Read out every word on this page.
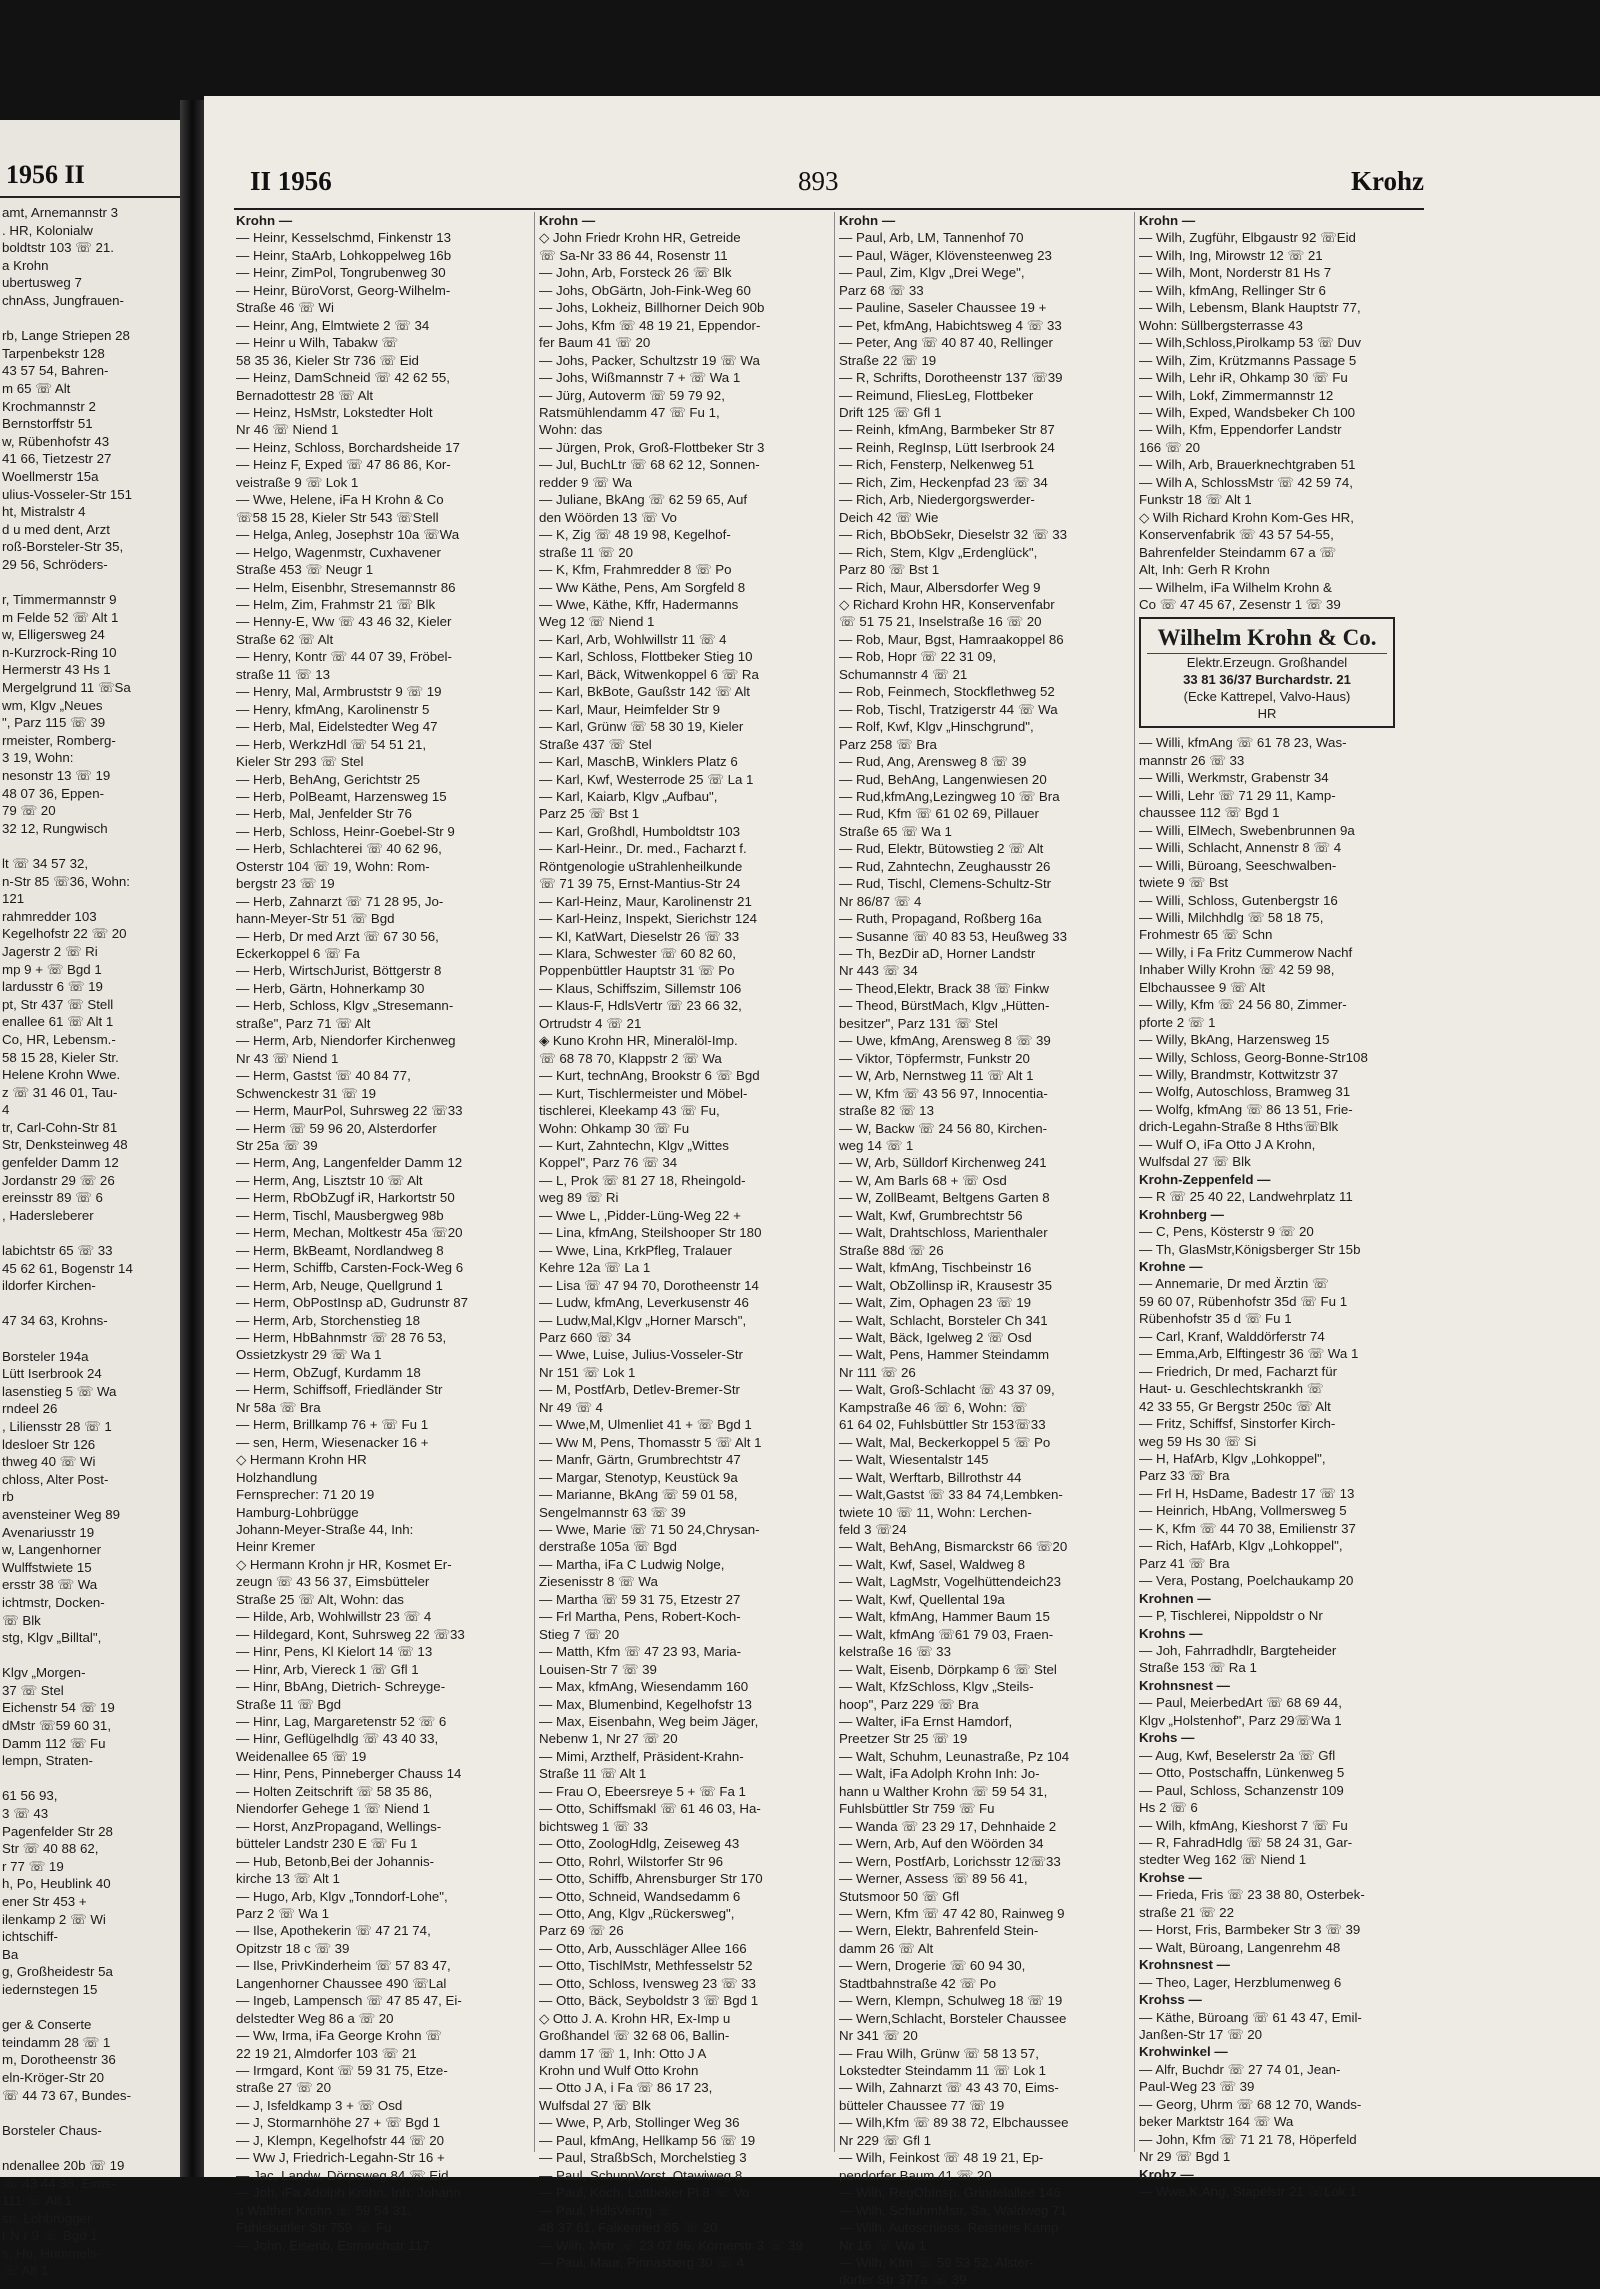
1956 II
amt, Arnemannstr 3
. HR, Kolonialw
boldtstr 103 ☏ 21.
a Krohn
ubertusweg 7
chnAss, Jungfrauen-

rb, Lange Striepen 28
Tarpenbekstr 128
43 57 54, Bahren-
m 65 ☏ Alt
Krochmannstr 2
Bernstorffstr 51
w, Rübenhofstr 43
41 66, Tietzestr 27
Woellmerstr 15a
ulius-Vosseler-Str 151
ht, Mistralstr 4
d u med dent, Arzt
roß-Borsteler-Str 35,
29 56, Schröders-

r, Timmermannstr 9
m Felde 52 ☏ Alt 1
w, Elligersweg 24
n-Kurzrock-Ring 10
Hermerstr 43 Hs 1
Mergelgrund 11 ☏Sa
wm, Klgv „Neues
", Parz 115 ☏ 39
rmeister, Romberg-
3 19, Wohn:
nesonstr 13 ☏ 19
48 07 36, Eppen-
79 ☏ 20
32 12, Rungwisch

lt ☏ 34 57 32,
n-Str 85 ☏36, Wohn:
121
rahmredder 103
Kegelhofstr 22 ☏ 20
Jagerstr 2 ☏ Ri
mp 9 + ☏ Bgd 1
lardusstr 6 ☏ 19
pt, Str 437 ☏ Stell
enallee 61 ☏ Alt 1
Co, HR, Lebensm.-
58 15 28, Kieler Str.
Helene Krohn Wwe.
z ☏ 31 46 01, Tau-
4
tr, Carl-Cohn-Str 81
Str, Denksteinweg 48
genfelder Damm 12
Jordanstr 29 ☏ 26
ereinsstr 89 ☏ 6
, Hadersleberer

labichtstr 65 ☏ 33
45 62 61, Bogenstr 14
ildorfer Kirchen-

47 34 63, Krohns-

Borsteler 194a
Lütt Iserbrook 24
lasenstieg 5 ☏ Wa
rndeel 26
, Liliensstr 28 ☏ 1
ldesloer Str 126
thweg 40 ☏ Wi
chloss, Alter Post-
rb
avensteiner Weg 89
Avenariusstr 19
w, Langenhorner
Wulffstwiete 15
ersstr 38 ☏ Wa
ichtmstr, Docken-
☏ Blk
stg, Klgv „Billtal",

Klgv „Morgen-
37 ☏ Stel
Eichenstr 54 ☏ 19
dMstr ☏59 60 31,
Damm 112 ☏ Fu
lempn, Straten-

61 56 93,
3 ☏ 43
Pagenfelder Str 28
Str ☏ 40 88 62,
r 77 ☏ 19
h, Po, Heublink 40
ener Str 453 +
ilenkamp 2 ☏ Wi
ichtschiff-
Ba
g, Großheidestr 5a
iedernstegen 15

ger & Conserte
teindamm 28 ☏ 1
m, Dorotheenstr 36
eln-Kröger-Str 20
☏ 44 73 67, Bundes-

Borsteler Chaus-

ndenallee 20b ☏ 19
☏ 43 44 38, Eims-
111 ☏ Alt 1
str, Lohbrügger
r N r 9 ☏ Bgd 1
s, Hu, Hummels-
☏ Alt 1
II 1956	893	Krohz
Krohn —
— Heinr, Kesselschmd, Finkenstr 13
— Heinr, StaArb, Lohkoppelweg 16b
— Heinr, ZimPol, Tongrubenweg 30
— Heinr, BüroVorst, Georg-Wilhelm-
Straße 46 ☏ Wi
— Heinr, Ang, Elmtwiete 2 ☏ 34
— Heinr u Wilh, Tabakw ☏
58 35 36, Kieler Str 736 ☏ Eid
— Heinz, DamSchneid ☏ 42 62 55,
Bernadottestr 28 ☏ Alt
— Heinz, HsMstr, Lokstedter Holt
Nr 46 ☏ Niend 1
— Heinz, Schloss, Borchardsheide 17
— Heinz F, Exped ☏ 47 86 86, Kor-
veistraße 9 ☏ Lok 1
— Wwe, Helene, iFa H Krohn & Co
☏58 15 28, Kieler Str 543 ☏Stell
— Helga, Anleg, Josephstr 10a ☏Wa
— Helgo, Wagenmstr, Cuxhavener
Straße 453 ☏ Neugr 1
— Helm, Eisenbhr, Stresemannstr 86
— Helm, Zim, Frahmstr 21 ☏ Blk
— Henny-E, Ww ☏ 43 46 32, Kieler
Straße 62 ☏ Alt
— Henry, Kontr ☏ 44 07 39, Fröbel-
straße 11 ☏ 13
— Henry, Mal, Armbruststr 9 ☏ 19
— Henry, kfmAng, Karolinenstr 5
— Herb, Mal, Eidelstedter Weg 47
— Herb, WerkzHdl ☏ 54 51 21,
Kieler Str 293 ☏ Stel
— Herb, BehAng, Gerichtstr 25
— Herb, PolBeamt, Harzensweg 15
— Herb, Mal, Jenfelder Str 76
— Herb, Schloss, Heinr-Goebel-Str 9
— Herb, Schlachterei ☏ 40 62 96,
Osterstr 104 ☏ 19, Wohn: Rom-
bergstr 23 ☏ 19
— Herb, Zahnarzt ☏ 71 28 95, Jo-
hann-Meyer-Str 51 ☏ Bgd
— Herb, Dr med Arzt ☏ 67 30 56,
Eckerkoppel 6 ☏ Fa
— Herb, WirtschJurist, Böttgerstr 8
— Herb, Gärtn, Hohnerkamp 30
— Herb, Schloss, Klgv „Stresemann-
straße", Parz 71 ☏ Alt
— Herm, Arb, Niendorfer Kirchenweg
Nr 43 ☏ Niend 1
— Herm, Gastst ☏ 40 84 77,
Schwenckestr 31 ☏ 19
— Herm, MaurPol, Suhrsweg 22 ☏33
— Herm ☏ 59 96 20, Alsterdorfer
Str 25a ☏ 39
— Herm, Ang, Langenfelder Damm 12
— Herm, Ang, Lisztstr 10 ☏ Alt
— Herm, RbObZugf iR, Harkortstr 50
— Herm, Tischl, Mausbergweg 98b
— Herm, Mechan, Moltkestr 45a ☏20
— Herm, BkBeamt, Nordlandweg 8
— Herm, Schiffb, Carsten-Fock-Weg 6
— Herm, Arb, Neuge, Quellgrund 1
— Herm, ObPostInsp aD, Gudrunstr 87
— Herm, Arb, Storchenstieg 18
— Herm, HbBahnmstr ☏ 28 76 53,
Ossietzkystr 29 ☏ Wa 1
— Herm, ObZugf, Kurdamm 18
— Herm, Schiffsoff, Friedländer Str
Nr 58a ☏ Bra
— Herm, Brillkamp 76 + ☏ Fu 1
— sen, Herm, Wiesenacker 16 +
◇ Hermann Krohn HR
Holzhandlung
Fernsprecher: 71 20 19
Hamburg-Lohbrügge
Johann-Meyer-Straße 44, Inh:
Heinr Kremer
◇ Hermann Krohn jr HR, Kosmet Er-
zeugn ☏ 43 56 37, Eimsbütteler
Straße 25 ☏ Alt, Wohn: das
— Hilde, Arb, Wohlwillstr 23 ☏ 4
— Hildegard, Kont, Suhrsweg 22 ☏33
— Hinr, Pens, Kl Kielort 14 ☏ 13
— Hinr, Arb, Viereck 1 ☏ Gfl 1
— Hinr, BbAng, Dietrich- Schreyge-
Straße 11 ☏ Bgd
— Hinr, Lag, Margaretenstr 52 ☏ 6
— Hinr, Geflügelhdlg ☏ 43 40 33,
Weidenallee 65 ☏ 19
— Hinr, Pens, Pinneberger Chauss 14
— Holten Zeitschrift ☏ 58 35 86,
Niendorfer Gehege 1 ☏ Niend 1
— Horst, AnzPropagand, Wellings-
bütteler Landstr 230 E ☏ Fu 1
— Hub, Betonb,Bei der Johannis-
kirche 13 ☏ Alt 1
— Hugo, Arb, Klgv „Tonndorf-Lohe",
Parz 2 ☏ Wa 1
— Ilse, Apothekerin ☏ 47 21 74,
Opitzstr 18 c ☏ 39
— Ilse, PrivKinderheim ☏ 57 83 47,
Langenhorner Chaussee 490 ☏Lal
— Ingeb, Lampensch ☏ 47 85 47, Ei-
delstedter Weg 86 a ☏ 20
— Ww, Irma, iFa George Krohn ☏
22 19 21, Almdorfer 103 ☏ 21
— Irmgard, Kont ☏ 59 31 75, Etze-
straße 27 ☏ 20
— J, Isfeldkamp 3 + ☏ Osd
— J, Stormarnhöhe 27 + ☏ Bgd 1
— J, Klempn, Kegelhofstr 44 ☏ 20
— Ww J, Friedrich-Legahn-Str 16 +
— Jac, Landw, Dörpsweg 84 ☏ Eid
— Joh, iFa Adolph Krohn, Inh: Johann
u Walther Krohn ☏ 59 54 31,
Fuhlsbüttler Str 759 ☏ Fu
— John, Eisenb, Esmarchstr 117
Krohn —
◇ John Friedr Krohn HR, Getreide
☏ Sa-Nr 33 86 44, Rosenstr 11
— John, Arb, Forsteck 26 ☏ Blk
— Johs, ObGärtn, Joh-Fink-Weg 60
— Johs, Lokheiz, Billhorner Deich 90b
— Johs, Kfm ☏ 48 19 21, Eppendor-
fer Baum 41 ☏ 20
— Johs, Packer, Schultzstr 19 ☏ Wa
— Johs, Wißmannstr 7 + ☏ Wa 1
— Jürg, Autoverm ☏ 59 79 92,
Ratsmühlendamm 47 ☏ Fu 1,
Wohn: das
— Jürgen, Prok, Groß-Flottbeker Str 3
— Jul, BuchLtr ☏ 68 62 12, Sonnen-
redder 9 ☏ Wa
— Juliane, BkAng ☏ 62 59 65, Auf
den Wöörden 13 ☏ Vo
— K, Zig ☏ 48 19 98, Kegelhof-
straße 11 ☏ 20
— K, Kfm, Frahmredder 8 ☏ Po
— Ww Käthe, Pens, Am Sorgfeld 8
— Wwe, Käthe, Kffr, Hadermanns
Weg 12 ☏ Niend 1
— Karl, Arb, Wohlwillstr 11 ☏ 4
— Karl, Schloss, Flottbeker Stieg 10
— Karl, Bäck, Witwenkoppel 6 ☏ Ra
— Karl, BkBote, Gaußstr 142 ☏ Alt
— Karl, Maur, Heimfelder Str 9
— Karl, Grünw ☏ 58 30 19, Kieler
Straße 437 ☏ Stel
— Karl, MaschB, Winklers Platz 6
— Karl, Kwf, Westerrode 25 ☏ La 1
— Karl, Kaiarb, Klgv „Aufbau",
Parz 25 ☏ Bst 1
— Karl, Großhdl, Humboldtstr 103
— Karl-Heinr., Dr. med., Facharzt f.
Röntgenologie uStrahlenheilkunde
☏ 71 39 75, Ernst-Mantius-Str 24
— Karl-Heinz, Maur, Karolinenstr 21
— Karl-Heinz, Inspekt, Sierichstr 124
— Kl, KatWart, Dieselstr 26 ☏ 33
— Klara, Schwester ☏ 60 82 60,
Poppenbüttler Hauptstr 31 ☏ Po
— Klaus, Schiffszim, Sillemstr 106
— Klaus-F, HdlsVertr ☏ 23 66 32,
Ortrudstr 4 ☏ 21
◈ Kuno Krohn HR, Mineralöl-Imp.
☏ 68 78 70, Klappstr 2 ☏ Wa
— Kurt, technAng, Brookstr 6 ☏ Bgd
— Kurt, Tischlermeister und Möbel-
tischlerei, Kleekamp 43 ☏ Fu,
Wohn: Ohkamp 30 ☏ Fu
— Kurt, Zahntechn, Klgv „Wittes
Koppel", Parz 76 ☏ 34
— L, Prok ☏ 81 27 18, Rheingold-
weg 89 ☏ Ri
— Wwe L, ‚Pidder-Lüng-Weg 22 +
— Lina, kfmAng, Steilshooper Str 180
— Wwe, Lina, KrkPfleg, Tralauer
Kehre 12a ☏ La 1
— Lisa ☏ 47 94 70, Dorotheenstr 14
— Ludw, kfmAng, Leverkusenstr 46
— Ludw,Mal,Klgv „Horner Marsch",
Parz 660 ☏ 34
— Wwe, Luise, Julius-Vosseler-Str
Nr 151 ☏ Lok 1
— M, PostfArb, Detlev-Bremer-Str
Nr 49 ☏ 4
— Wwe,M, Ulmenliet 41 + ☏ Bgd 1
— Ww M, Pens, Thomasstr 5 ☏ Alt 1
— Manfr, Gärtn, Grumbrechtstr 47
— Margar, Stenotyp, Keustück 9a
— Marianne, BkAng ☏ 59 01 58,
Sengelmannstr 63 ☏ 39
— Wwe, Marie ☏ 71 50 24,Chrysan-
derstraße 105a ☏ Bgd
— Martha, iFa C Ludwig Nolge,
Ziesenisstr 8 ☏ Wa
— Martha ☏ 59 31 75, Etzestr 27
— Frl Martha, Pens, Robert-Koch-
Stieg 7 ☏ 20
— Matth, Kfm ☏ 47 23 93, Maria-
Louisen-Str 7 ☏ 39
— Max, kfmAng, Wiesendamm 160
— Max, Blumenbind, Kegelhofstr 13
— Max, Eisenbahn, Weg beim Jäger,
Nebenw 1, Nr 27 ☏ 20
— Mimi, Arzthelf, Präsident-Krahn-
Straße 11 ☏ Alt 1
— Frau O, Ebeersreye 5 + ☏ Fa 1
— Otto, Schiffsmakl ☏ 61 46 03, Ha-
bichtsweg 1 ☏ 33
— Otto, ZoologHdlg, Zeiseweg 43
— Otto, Rohrl, Wilstorfer Str 96
— Otto, Schiffb, Ahrensburger Str 170
— Otto, Schneid, Wandsedamm 6
— Otto, Ang, Klgv „Rückersweg",
Parz 69 ☏ 26
— Otto, Arb, Ausschläger Allee 166
— Otto, TischlMstr, Methfesselstr 52
— Otto, Schloss, Ivensweg 23 ☏ 33
— Otto, Bäck, Seyboldstr 3 ☏ Bgd 1
◇ Otto J. A. Krohn HR, Ex-Imp u
Großhandel ☏ 32 68 06, Ballin-
damm 17 ☏ 1, Inh: Otto J A
Krohn und Wulf Otto Krohn
— Otto J A, i Fa ☏ 86 17 23,
Wulfsdal 27 ☏ Blk
— Wwe, P, Arb, Stollinger Weg 36
— Paul, kfmAng, Hellkamp 56 ☏ 19
— Paul, StraßbSch, Morchelstieg 3
— Paul, SchuppVorst, Otawiweg 8
— Paul, Koch, Lottbeker Pl 8 ☏ Vo
— Paul, HdlsVertrg ☏
48 37 61, Falkenried 85 ☏ 20
— Wilh, Mstr ☏ 23 07 86, Körnerstr 3 ☏ 39
— Paul, Maur, Pinnasberg 30 ☏ 4
Krohn —
— Paul, Arb, LM, Tannenhof 70
— Paul, Wäger, Klövensteenweg 23
— Paul, Zim, Klgv „Drei Wege",
Parz 68 ☏ 33
— Pauline, Saseler Chaussee 19 +
— Pet, kfmAng, Habichtsweg 4 ☏ 33
— Peter, Ang ☏ 40 87 40, Rellinger
Straße 22 ☏ 19
— R, Schrifts, Dorotheenstr 137 ☏39
— Reimund, FliesLeg, Flottbeker
Drift 125 ☏ Gfl 1
— Reinh, kfmAng, Barmbeker Str 87
— Reinh, RegInsp, Lütt Iserbrook 24
— Rich, Fensterp, Nelkenweg 51
— Rich, Zim, Heckenpfad 23 ☏ 34
— Rich, Arb, Niedergorgswerder-
Deich 42 ☏ Wie
— Rich, BbObSekr, Dieselstr 32 ☏ 33
— Rich, Stem, Klgv „Erdenglück",
Parz 80 ☏ Bst 1
— Rich, Maur, Albersdorfer Weg 9
◇ Richard Krohn HR, Konservenfabr
☏ 51 75 21, Inselstraße 16 ☏ 20
— Rob, Maur, Bgst, Hamraakoppel 86
— Rob, Hopr ☏ 22 31 09,
Schumannstr 4 ☏ 21
— Rob, Feinmech, Stockflethweg 52
— Rob, Tischl, Tratzigerstr 44 ☏ Wa
— Rolf, Kwf, Klgv „Hinschgrund",
Parz 258 ☏ Bra
— Rud, Ang, Arensweg 8 ☏ 39
— Rud, BehAng, Langenwiesen 20
— Rud,kfmAng,Lezingweg 10 ☏ Bra
— Rud, Kfm ☏ 61 02 69, Pillauer
Straße 65 ☏ Wa 1
— Rud, Elektr, Bütowstieg 2 ☏ Alt
— Rud, Zahntechn, Zeughausstr 26
— Rud, Tischl, Clemens-Schultz-Str
Nr 86/87 ☏ 4
— Ruth, Propagand, Roßberg 16a
— Susanne ☏ 40 83 53, Heußweg 33
— Th, BezDir aD, Horner Landstr
Nr 443 ☏ 34
— Theod,Elektr, Brack 38 ☏ Finkw
— Theod, BürstMach, Klgv „Hütten-
besitzer", Parz 131 ☏ Stel
— Uwe, kfmAng, Arensweg 8 ☏ 39
— Viktor, Töpfermstr, Funkstr 20
— W, Arb, Nernstweg 11 ☏ Alt 1
— W, Kfm ☏ 43 56 97, Innocentia-
straße 82 ☏ 13
— W, Backw ☏ 24 56 80, Kirchen-
weg 14 ☏ 1
— W, Arb, Sülldorf Kirchenweg 241
— W, Am Barls 68 + ☏ Osd
— W, ZollBeamt, Beltgens Garten 8
— Walt, Kwf, Grumbrechtstr 56
— Walt, Drahtschloss, Marienthaler
Straße 88d ☏ 26
— Walt, kfmAng, Tischbeinstr 16
— Walt, ObZollinsp iR, Krausestr 35
— Walt, Zim, Ophagen 23 ☏ 19
— Walt, Schlacht, Borsteler Ch 341
— Walt, Bäck, Igelweg 2 ☏ Osd
— Walt, Pens, Hammer Steindamm
Nr 111 ☏ 26
— Walt, Groß-Schlacht ☏ 43 37 09,
Kampstraße 46 ☏ 6, Wohn: ☏
61 64 02, Fuhlsbüttler Str 153☏33
— Walt, Mal, Beckerkoppel 5 ☏ Po
— Walt, Wiesentalstr 145
— Walt, Werftarb, Billrothstr 44
— Walt,Gastst ☏ 33 84 74,Lembken-
twiete 10 ☏ 11, Wohn: Lerchen-
feld 3 ☏24
— Walt, BehAng, Bismarckstr 66 ☏20
— Walt, Kwf, Sasel, Waldweg 8
— Walt, LagMstr, Vogelhüttendeich23
— Walt, Kwf, Quellental 19a
— Walt, kfmAng, Hammer Baum 15
— Walt, kfmAng ☏61 79 03, Fraen-
kelstraße 16 ☏ 33
— Walt, Eisenb, Dörpkamp 6 ☏ Stel
— Walt, KfzSchloss, Klgv „Steils-
hoop", Parz 229 ☏ Bra
— Walter, iFa Ernst Hamdorf,
Preetzer Str 25 ☏ 19
— Walt, Schuhm, Leunastraße, Pz 104
— Walt, iFa Adolph Krohn Inh: Jo-
hann u Walther Krohn ☏ 59 54 31,
Fuhlsbüttler Str 759 ☏ Fu
— Wanda ☏ 23 29 17, Dehnhaide 2
— Wern, Arb, Auf den Wöörden 34
— Wern, PostfArb, Lorichsstr 12☏33
— Werner, Assess ☏ 89 56 41,
Stutsmoor 50 ☏ Gfl
— Wern, Kfm ☏ 47 42 80, Rainweg 9
— Wern, Elektr, Bahrenfeld Stein-
damm 26 ☏ Alt
— Wern, Drogerie ☏ 60 94 30,
Stadtbahnstraße 42 ☏ Po
— Wern, Klempn, Schulweg 18 ☏ 19
— Wern,Schlacht, Borsteler Chaussee
Nr 341 ☏ 20
— Frau Wilh, Grünw ☏ 58 13 57,
Lokstedter Steindamm 11 ☏ Lok 1
— Wilh, Zahnarzt ☏ 43 43 70, Eims-
bütteler Chaussee 77 ☏ 19
— Wilh,Kfm ☏ 89 38 72, Elbchaussee
Nr 229 ☏ Gfl 1
— Wilh, Feinkost ☏ 48 19 21, Ep-
pendorfer Baum 41 ☏ 20
— Wilh, RegObInsp, Grindelallee 146
— Wilh, SchuhmMstr, Sa, Waldweg 71
— Wilh, Autoschloss, Reisners Kamp
Nr 16 ☏ Wa 1
— Wilh, Kfm ☏ 59 53 52, Alster-
dorfer Str 377a ☏ 39
Krohn —
— Wilh, Zugführ, Elbgaustr 92 ☏Eid
— Wilh, Ing, Mirowstr 12 ☏ 21
— Wilh, Mont, Norderstr 81 Hs 7
— Wilh, kfmAng, Rellinger Str 6
— Wilh, Lebensm, Blank Hauptstr 77,
Wohn: Süllbergsterrasse 43
— Wilh,Schloss,Pirolkamp 53 ☏ Duv
— Wilh, Zim, Krützmanns Passage 5
— Wilh, Lehr iR, Ohkamp 30 ☏ Fu
— Wilh, Lokf, Zimmermannstr 12
— Wilh, Exped, Wandsbeker Ch 100
— Wilh, Kfm, Eppendorfer Landstr
166 ☏ 20
— Wilh, Arb, Brauerknechtgraben 51
— Wilh A, SchlossMstr ☏ 42 59 74,
Funkstr 18 ☏ Alt 1
◇ Wilh Richard Krohn Kom-Ges HR,
Konservenfabrik ☏ 43 57 54-55,
Bahrenfelder Steindamm 67 a ☏
Alt, Inh: Gerh R Krohn
— Wilhelm, iFa Wilhelm Krohn &
Co ☏ 47 45 67, Zesenstr 1 ☏ 39
Wilhelm Krohn & Co.
Elektr.Erzeugn. Großhandel
33 81 36/37 Burchardstr. 21
(Ecke Kattrepel, Valvo-Haus)
HR
— Willi, kfmAng ☏ 61 78 23, Was-
mannstr 26 ☏ 33
— Willi, Werkmstr, Grabenstr 34
— Willi, Lehr ☏ 71 29 11, Kamp-
chaussee 112 ☏ Bgd 1
— Willi, ElMech, Swebenbrunnen 9a
— Willi, Schlacht, Annenstr 8 ☏ 4
— Willi, Büroang, Seeschwalben-
twiete 9 ☏ Bst
— Willi, Schloss, Gutenbergstr 16
— Willi, Milchhdlg ☏ 58 18 75,
Frohmestr 65 ☏ Schn
— Willy, i Fa Fritz Cummerow Nachf
Inhaber Willy Krohn ☏ 42 59 98,
Elbchaussee 9 ☏ Alt
— Willy, Kfm ☏ 24 56 80, Zimmer-
pforte 2 ☏ 1
— Willy, BkAng, Harzensweg 15
— Willy, Schloss, Georg-Bonne-Str108
— Willy, Brandmstr, Kottwitzstr 37
— Wolfg, Autoschloss, Bramweg 31
— Wolfg, kfmAng ☏ 86 13 51, Frie-
drich-Legahn-Straße 8 Hths☏Blk
— Wulf O, iFa Otto J A Krohn,
Wulfsdal 27 ☏ Blk
Krohn-Zeppenfeld —
— R ☏ 25 40 22, Landwehrplatz 11
Krohnberg —
— C, Pens, Kösterstr 9 ☏ 20
— Th, GlasMstr,Königsberger Str 15b
Krohne —
— Annemarie, Dr med Ärztin ☏
59 60 07, Rübenhofstr 35d ☏ Fu 1
Rübenhofstr 35 d ☏ Fu 1
— Carl, Kranf, Walddörferstr 74
— Emma,Arb, Elftingestr 36 ☏ Wa 1
— Friedrich, Dr med, Facharzt für
Haut- u. Geschlechtskrankh ☏
42 33 55, Gr Bergstr 250c ☏ Alt
— Fritz, Schiffsf, Sinstorfer Kirch-
weg 59 Hs 30 ☏ Si
— H, HafArb, Klgv „Lohkoppel",
Parz 33 ☏ Bra
— Frl H, HsDame, Badestr 17 ☏ 13
— Heinrich, HbAng, Vollmersweg 5
— K, Kfm ☏ 44 70 38, Emilienstr 37
— Rich, HafArb, Klgv „Lohkoppel",
Parz 41 ☏ Bra
— Vera, Postang, Poelchaukamp 20
Krohnen —
— P, Tischlerei, Nippoldstr o Nr
Krohns —
— Joh, Fahrradhdlr, Bargteheider
Straße 153 ☏ Ra 1
Krohnsnest —
— Paul, MeierbedArt ☏ 68 69 44,
Klgv „Holstenhof", Parz 29☏Wa 1
Krohs —
— Aug, Kwf, Beselerstr 2a ☏ Gfl
— Otto, Postschaffn, Lünkenweg 5
— Paul, Schloss, Schanzenstr 109
Hs 2 ☏ 6
— Wilh, kfmAng, Kieshorst 7 ☏ Fu
— R, FahradHdlg ☏ 58 24 31, Gar-
stedter Weg 162 ☏ Niend 1
Krohse —
— Frieda, Fris ☏ 23 38 80, Osterbek-
straße 21 ☏ 22
— Horst, Fris, Barmbeker Str 3 ☏ 39
— Walt, Büroang, Langenrehm 48
Krohnsnest —
— Theo, Lager, Herzblumenweg 6
Krohss —
— Käthe, Büroang ☏ 61 43 47, Emil-
Janßen-Str 17 ☏ 20
Krohwinkel —
— Alfr, Buchdr ☏ 27 74 01, Jean-
Paul-Weg 23 ☏ 39
— Georg, Uhrm ☏ 68 12 70, Wands-
beker Marktstr 164 ☏ Wa
— John, Kfm ☏ 71 21 78, Höperfeld
Nr 29 ☏ Bgd 1
Krohz —
— Wwe,K,Ang, Stapelstr 21 ☏Lok 1
